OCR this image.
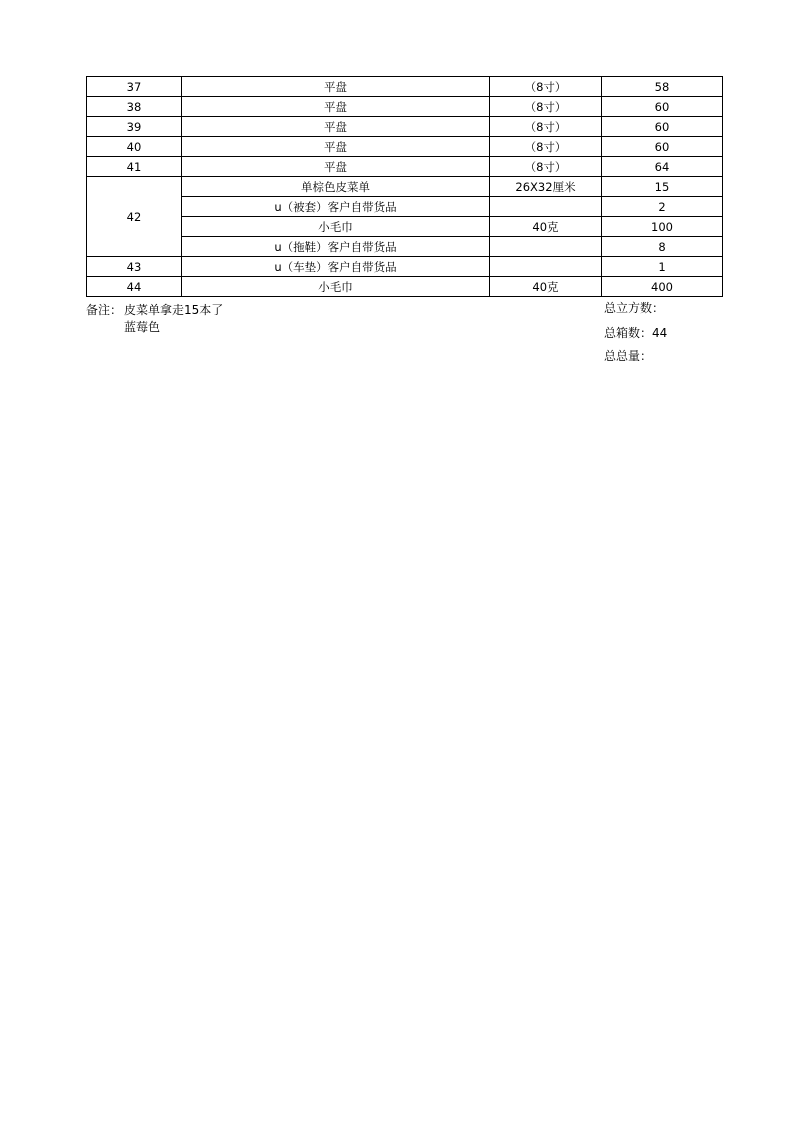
37	平盘	（8寸）	58
38	平盘	（8寸）	60
39	平盘	（8寸）	60
40	平盘	（8寸）	60
41	平盘	（8寸）	64
42	单棕色皮菜单	26X32厘米	15
	u（被套）客户自带货品		2
	小毛巾	40克	100
	u（拖鞋）客户自带货品		8
43	u（车垫）客户自带货品		1
44	小毛巾	40克	400
备注： 皮菜单拿走15本了
蓝莓色
总立方数：
总箱数：44
总总量：
